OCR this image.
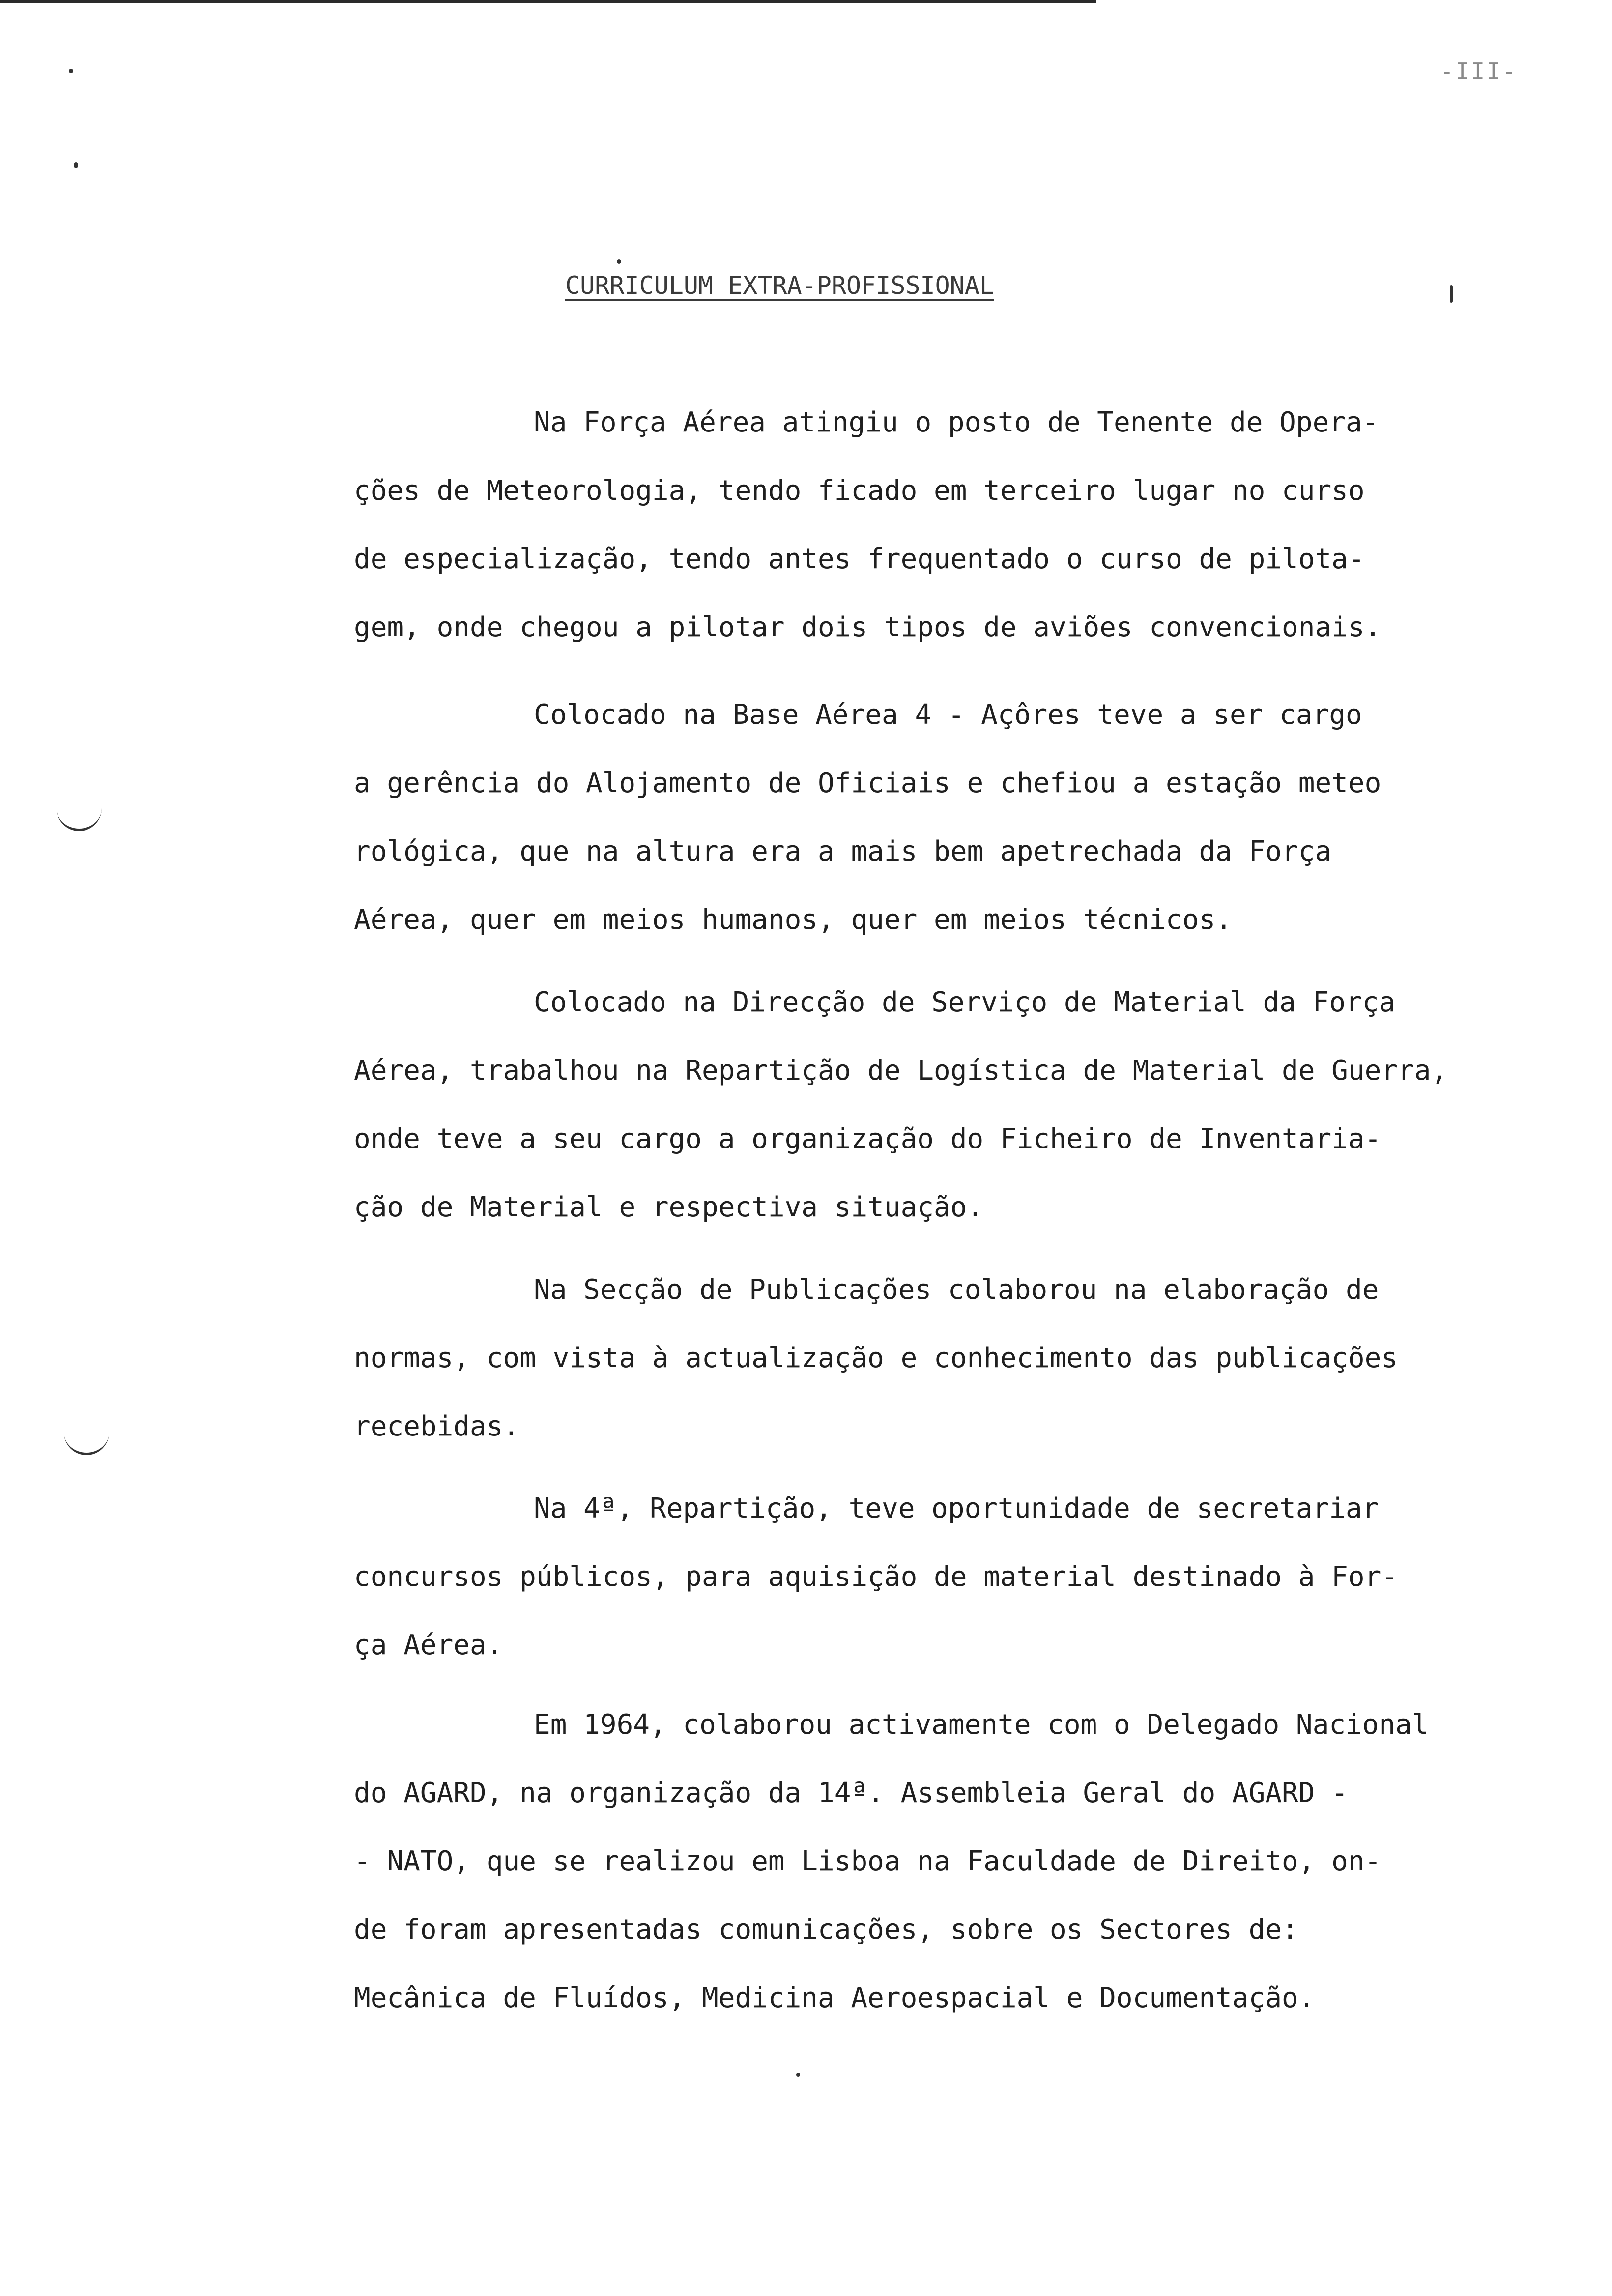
-III-
CURRICULUM EXTRA-PROFISSIONAL
Na Força Aérea atingiu o posto de Tenente de Opera-
ções de Meteorologia, tendo ficado em terceiro lugar no curso
de especialização, tendo antes frequentado o curso de pilota-
gem, onde chegou a pilotar dois tipos de aviões convencionais.
Colocado na Base Aérea 4 - Açôres teve a ser cargo
a gerência do Alojamento de Oficiais e chefiou a estação meteo
rológica, que na altura era a mais bem apetrechada da Força
Aérea, quer em meios humanos, quer em meios técnicos.
Colocado na Direcção de Serviço de Material da Força
Aérea, trabalhou na Repartição de Logística de Material de Guerra,
onde teve a seu cargo a organização do Ficheiro de Inventaria-
ção de Material e respectiva situação.
Na Secção de Publicações colaborou na elaboração de
normas, com vista à actualização e conhecimento das publicações
recebidas.
Na 4ª, Repartição, teve oportunidade de secretariar
concursos públicos, para aquisição de material destinado à For-
ça Aérea.
Em 1964, colaborou activamente com o Delegado Nacional
do AGARD, na organização da 14ª. Assembleia Geral do AGARD -
- NATO, que se realizou em Lisboa na Faculdade de Direito, on-
de foram apresentadas comunicações, sobre os Sectores de:
Mecânica de Fluídos, Medicina Aeroespacial e Documentação.
